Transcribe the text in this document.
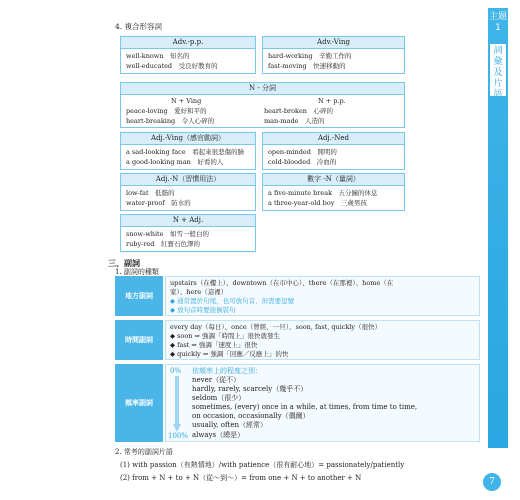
主題1
詞彙及片語
4. 複合形容詞
Adv.-p.p.
well-known　知名的
well-educated　受良好教育的
Adv.-Ving
hard-working　辛勤工作的
fast-moving　快速移動的
N - 分詞
N + Ving	N + p.p.
peace-loving　愛好和平的
heart-breaking　令人心碎的
heart-broken　心碎的
man-made　人造的
Adj.-Ving（感官動詞）
a sad-looking face　看起來很悲傷的臉
a good-looking man　好看的人
Adj.-Ned
open-minded　開明的
cold-blooded　冷血的
Adj.-N（習慣用法）
low-fat　低脂的
water-proof　防水的
數字 -N（量詞）
a five-minute break　五分鐘的休息
a three-year-old boy　三歲男孩
N + Adj.
snow-white　如雪一般白的
ruby-red　紅寶石色澤的
三、副詞
1. 副詞的種類
地方副詞
upstairs（在樓上）、downtown（在市中心）、there（在那裡）、home（在
家）、here（這裡）
◆ 通常置於句尾，也可放句首，但需要逗號
◆ 放句首時要接倒裝句
時間副詞
every day（每日）、once（曾經、一旦）、soon, fast, quickly（很快）
◆ soon ⇒ 強調「時間上」很快就發生
◆ fast ⇒ 強調「速度上」很快
◆ quickly ⇒ 強調「回應／反應上」的快
頻率副詞
0%
100%
依頻率上的程度之別：
never（從不）
hardly, rarely, scarcely（幾乎不）
seldom（很少）
sometimes, (every) once in a while, at times, from time to time,
on occasion, occasionally（偶爾）
usually, often（經常）
always（總是）
2. 常考的副詞片語
(1) with passion（有熱情地）/with patience（很有耐心地）= passionately/patiently
(2) from + N + to + N（從～到～）= from one + N + to another + N	7
